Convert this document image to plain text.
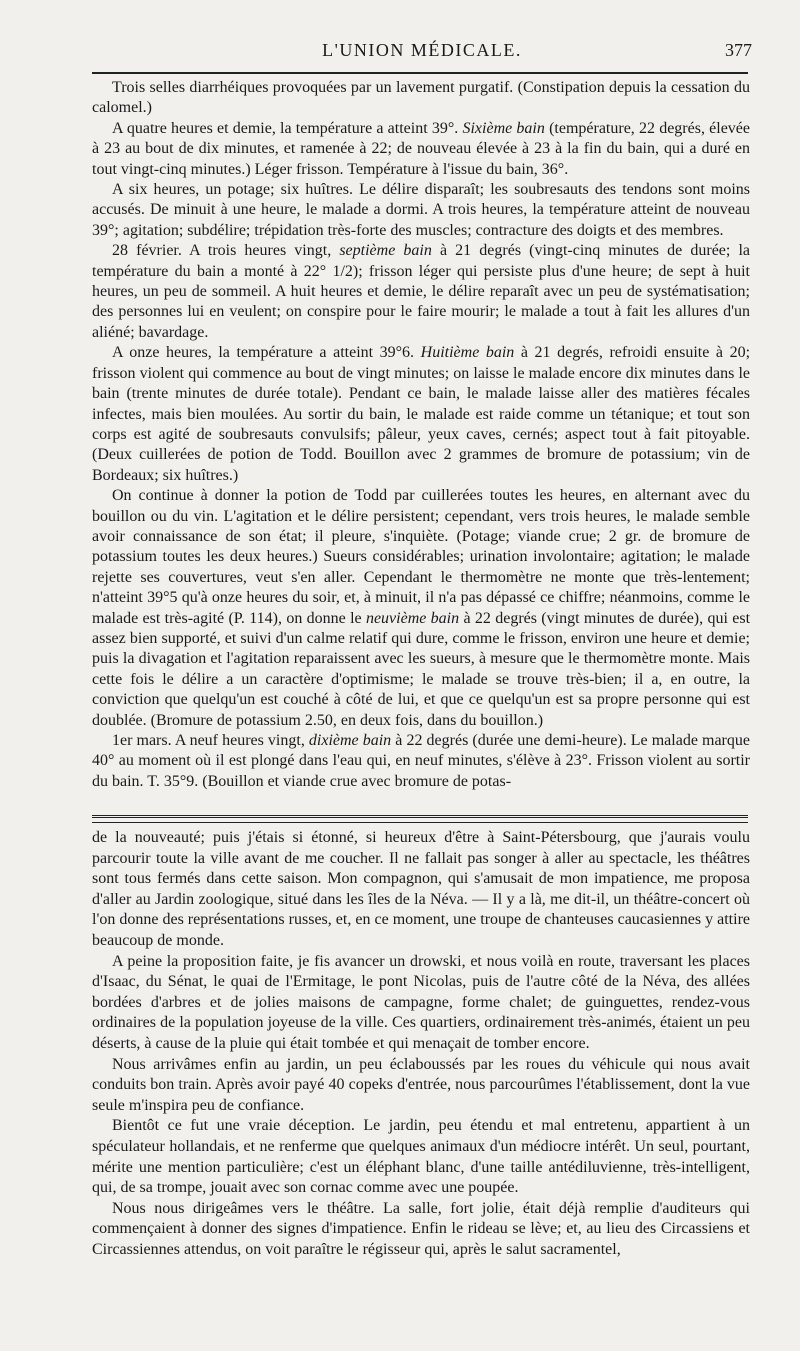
L'UNION MÉDICALE.	377

Trois selles diarrhéiques provoquées par un lavement purgatif. (Constipation depuis la cessation du calomel.)

A quatre heures et demie, la température a atteint 39°. Sixième bain (température, 22 degrés, élevée à 23 au bout de dix minutes, et ramenée à 22; de nouveau élevée à 23 à la fin du bain, qui a duré en tout vingt-cinq minutes.) Léger frisson. Température à l'issue du bain, 36°.

A six heures, un potage; six huîtres. Le délire disparaît; les soubresauts des tendons sont moins accusés. De minuit à une heure, le malade a dormi. A trois heures, la température atteint de nouveau 39°; agitation; subdélire; trépidation très-forte des muscles; contracture des doigts et des membres.

28 février. A trois heures vingt, septième bain à 21 degrés (vingt-cinq minutes de durée; la température du bain a monté à 22° 1/2); frisson léger qui persiste plus d'une heure; de sept à huit heures, un peu de sommeil. A huit heures et demie, le délire reparaît avec un peu de systématisation; des personnes lui en veulent; on conspire pour le faire mourir; le malade a tout à fait les allures d'un aliéné; bavardage.

A onze heures, la température a atteint 39°6. Huitième bain à 21 degrés, refroidi ensuite à 20; frisson violent qui commence au bout de vingt minutes; on laisse le malade encore dix minutes dans le bain (trente minutes de durée totale). Pendant ce bain, le malade laisse aller des matières fécales infectes, mais bien moulées. Au sortir du bain, le malade est raide comme un tétanique; et tout son corps est agité de soubresauts convulsifs; pâleur, yeux caves, cernés; aspect tout à fait pitoyable. (Deux cuillerées de potion de Todd. Bouillon avec 2 grammes de bromure de potassium; vin de Bordeaux; six huîtres.)

On continue à donner la potion de Todd par cuillerées toutes les heures, en alternant avec du bouillon ou du vin. L'agitation et le délire persistent; cependant, vers trois heures, le malade semble avoir connaissance de son état; il pleure, s'inquiète. (Potage; viande crue; 2 gr. de bromure de potassium toutes les deux heures.) Sueurs considérables; urination involontaire; agitation; le malade rejette ses couvertures, veut s'en aller. Cependant le thermomètre ne monte que très-lentement; n'atteint 39°5 qu'à onze heures du soir, et, à minuit, il n'a pas dépassé ce chiffre; néanmoins, comme le malade est très-agité (P. 114), on donne le neuvième bain à 22 degrés (vingt minutes de durée), qui est assez bien supporté, et suivi d'un calme relatif qui dure, comme le frisson, environ une heure et demie; puis la divagation et l'agitation reparaissent avec les sueurs, à mesure que le thermomètre monte. Mais cette fois le délire a un caractère d'optimisme; le malade se trouve très-bien; il a, en outre, la conviction que quelqu'un est couché à côté de lui, et que ce quelqu'un est sa propre personne qui est doublée. (Bromure de potassium 2.50, en deux fois, dans du bouillon.)

1er mars. A neuf heures vingt, dixième bain à 22 degrés (durée une demi-heure). Le malade marque 40° au moment où il est plongé dans l'eau qui, en neuf minutes, s'élève à 23°. Frisson violent au sortir du bain. T. 35°9. (Bouillon et viande crue avec bromure de potas-

de la nouveauté; puis j'étais si étonné, si heureux d'être à Saint-Pétersbourg, que j'aurais voulu parcourir toute la ville avant de me coucher. Il ne fallait pas songer à aller au spectacle, les théâtres sont tous fermés dans cette saison. Mon compagnon, qui s'amusait de mon impatience, me proposa d'aller au Jardin zoologique, situé dans les îles de la Néva. — Il y a là, me dit-il, un théâtre-concert où l'on donne des représentations russes, et, en ce moment, une troupe de chanteuses caucasiennes y attire beaucoup de monde.

A peine la proposition faite, je fis avancer un drowski, et nous voilà en route, traversant les places d'Isaac, du Sénat, le quai de l'Ermitage, le pont Nicolas, puis de l'autre côté de la Néva, des allées bordées d'arbres et de jolies maisons de campagne, forme chalet; de guinguettes, rendez-vous ordinaires de la population joyeuse de la ville. Ces quartiers, ordinairement très-animés, étaient un peu déserts, à cause de la pluie qui était tombée et qui menaçait de tomber encore.

Nous arrivâmes enfin au jardin, un peu éclaboussés par les roues du véhicule qui nous avait conduits bon train. Après avoir payé 40 copeks d'entrée, nous parcourûmes l'établissement, dont la vue seule m'inspira peu de confiance.

Bientôt ce fut une vraie déception. Le jardin, peu étendu et mal entretenu, appartient à un spéculateur hollandais, et ne renferme que quelques animaux d'un médiocre intérêt. Un seul, pourtant, mérite une mention particulière; c'est un éléphant blanc, d'une taille antédiluvienne, très-intelligent, qui, de sa trompe, jouait avec son cornac comme avec une poupée.

Nous nous dirigeâmes vers le théâtre. La salle, fort jolie, était déjà remplie d'auditeurs qui commençaient à donner des signes d'impatience. Enfin le rideau se lève; et, au lieu des Circassiens et Circassiennes attendus, on voit paraître le régisseur qui, après le salut sacramentel,
